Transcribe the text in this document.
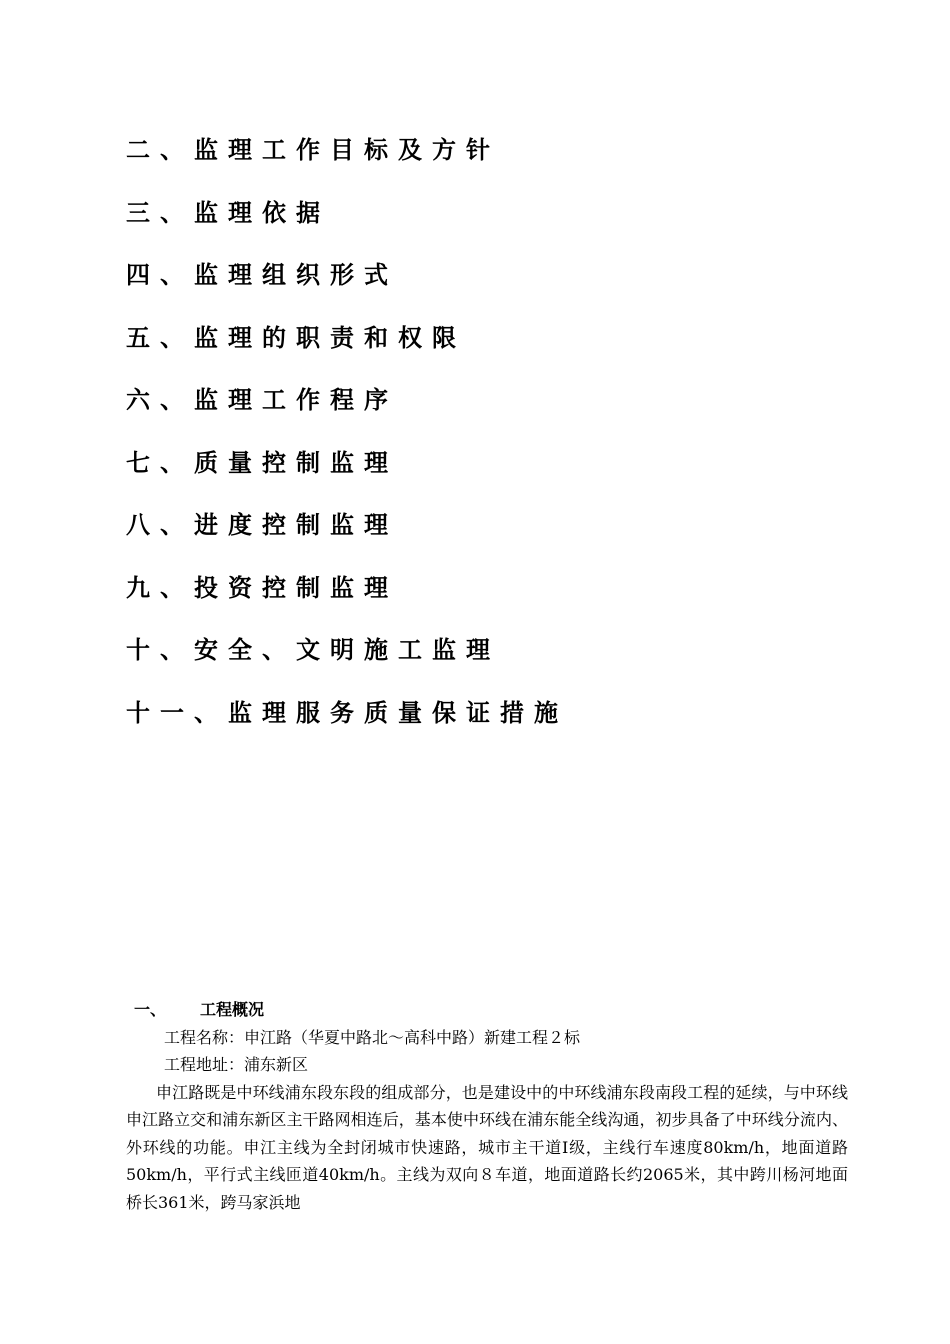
二、监理工作目标及方针
三、监理依据
四、监理组织形式
五、监理的职责和权限
六、监理工作程序
七、质量控制监理
八、进度控制监理
九、投资控制监理
十、安全、文明施工监理
十一、监理服务质量保证措施
一、 工程概况
工程名称：申江路（华夏中路北～高科中路）新建工程２标
工程地址：浦东新区

申江路既是中环线浦东段东段的组成部分，也是建设中的中环线浦东段南段工程的延续，与中环线申江路立交和浦东新区主干路网相连后，基本使中环线在浦东能全线沟通，初步具备了中环线分流内、外环线的功能。申江主线为全封闭城市快速路，城市主干道Ⅰ级，主线行车速度80km/h，地面道路50km/h，平行式主线匝道40km/h。主线为双向８车道，地面道路长约2065米，其中跨川杨河地面桥长361米，跨马家浜地
